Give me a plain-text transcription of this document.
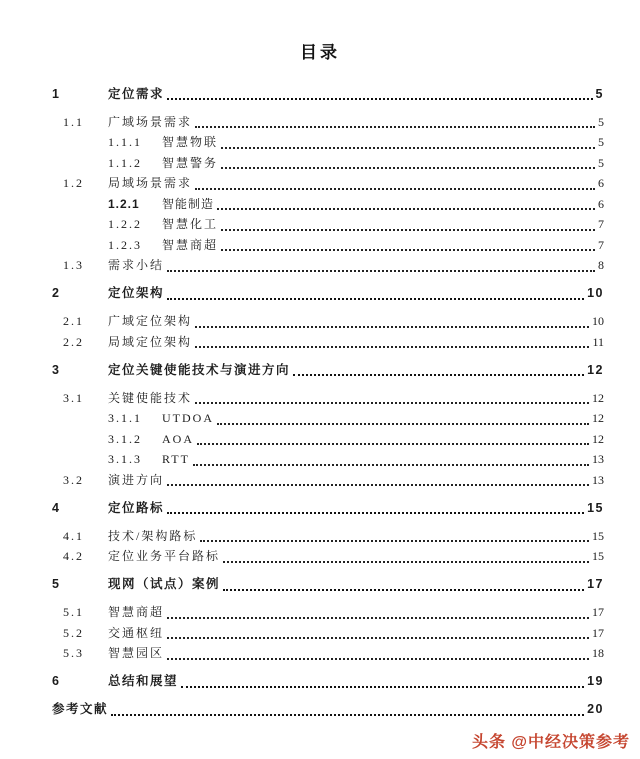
目录
1	定位需求	5
1.1	广域场景需求	5
1.1.1	智慧物联	5
1.1.2	智慧警务	5
1.2	局域场景需求	6
1.2.1	智能制造	6
1.2.2	智慧化工	7
1.2.3	智慧商超	7
1.3	需求小结	8
2	定位架构	10
2.1	广域定位架构	10
2.2	局域定位架构	11
3	定位关键使能技术与演进方向	12
3.1	关键使能技术	12
3.1.1	UTDOA	12
3.1.2	AOA	12
3.1.3	RTT	13
3.2	演进方向	13
4	定位路标	15
4.1	技术/架构路标	15
4.2	定位业务平台路标	15
5	现网（试点）案例	17
5.1	智慧商超	17
5.2	交通枢纽	17
5.3	智慧园区	18
6	总结和展望	19
参考文献	20
头条 @中经决策参考
